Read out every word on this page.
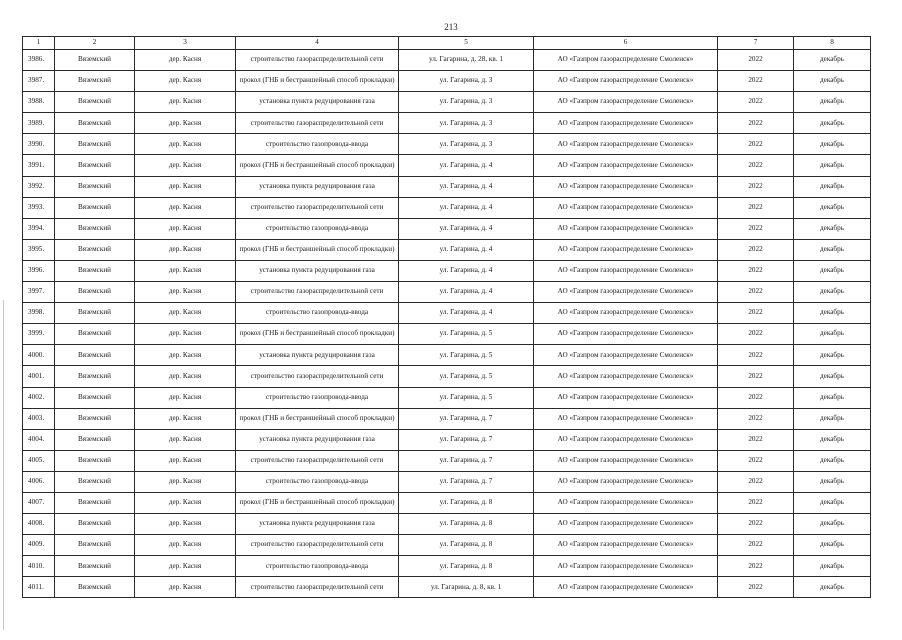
213
1	2	3	4	5	6	7	8
3986.	Вяземский	дер. Касня	строительство газораспределительной сети	ул. Гагарина, д. 28, кв. 1	АО «Газпром газораспределение Смоленск»	2022	декабрь
3987.	Вяземский	дер. Касня	прокол (ГНБ и бестраншейный способ прокладки)	ул. Гагарина, д. 3	АО «Газпром газораспределение Смоленск»	2022	декабрь
3988.	Вяземский	дер. Касня	установка пункта редуцирования газа	ул. Гагарина, д. 3	АО «Газпром газораспределение Смоленск»	2022	декабрь
3989.	Вяземский	дер. Касня	строительство газораспределительной сети	ул. Гагарина, д. 3	АО «Газпром газораспределение Смоленск»	2022	декабрь
3990.	Вяземский	дер. Касня	строительство газопровода-ввода	ул. Гагарина, д. 3	АО «Газпром газораспределение Смоленск»	2022	декабрь
3991.	Вяземский	дер. Касня	прокол (ГНБ и бестраншейный способ прокладки)	ул. Гагарина, д. 4	АО «Газпром газораспределение Смоленск»	2022	декабрь
3992.	Вяземский	дер. Касня	установка пункта редуцирования газа	ул. Гагарина, д. 4	АО «Газпром газораспределение Смоленск»	2022	декабрь
3993.	Вяземский	дер. Касня	строительство газораспределительной сети	ул. Гагарина, д. 4	АО «Газпром газораспределение Смоленск»	2022	декабрь
3994.	Вяземский	дер. Касня	строительство газопровода-ввода	ул. Гагарина, д. 4	АО «Газпром газораспределение Смоленск»	2022	декабрь
3995.	Вяземский	дер. Касня	прокол (ГНБ и бестраншейный способ прокладки)	ул. Гагарина, д. 4	АО «Газпром газораспределение Смоленск»	2022	декабрь
3996.	Вяземский	дер. Касня	установка пункта редуцирования газа	ул. Гагарина, д. 4	АО «Газпром газораспределение Смоленск»	2022	декабрь
3997.	Вяземский	дер. Касня	строительство газораспределительной сети	ул. Гагарина, д. 4	АО «Газпром газораспределение Смоленск»	2022	декабрь
3998.	Вяземский	дер. Касня	строительство газопровода-ввода	ул. Гагарина, д. 4	АО «Газпром газораспределение Смоленск»	2022	декабрь
3999.	Вяземский	дер. Касня	прокол (ГНБ и бестраншейный способ прокладки)	ул. Гагарина, д. 5	АО «Газпром газораспределение Смоленск»	2022	декабрь
4000.	Вяземский	дер. Касня	установка пункта редуцирования газа	ул. Гагарина, д. 5	АО «Газпром газораспределение Смоленск»	2022	декабрь
4001.	Вяземский	дер. Касня	строительство газораспределительной сети	ул. Гагарина, д. 5	АО «Газпром газораспределение Смоленск»	2022	декабрь
4002.	Вяземский	дер. Касня	строительство газопровода-ввода	ул. Гагарина, д. 5	АО «Газпром газораспределение Смоленск»	2022	декабрь
4003.	Вяземский	дер. Касня	прокол (ГНБ и бестраншейный способ прокладки)	ул. Гагарина, д. 7	АО «Газпром газораспределение Смоленск»	2022	декабрь
4004.	Вяземский	дер. Касня	установка пункта редуцирования газа	ул. Гагарина, д. 7	АО «Газпром газораспределение Смоленск»	2022	декабрь
4005.	Вяземский	дер. Касня	строительство газораспределительной сети	ул. Гагарина, д. 7	АО «Газпром газораспределение Смоленск»	2022	декабрь
4006.	Вяземский	дер. Касня	строительство газопровода-ввода	ул. Гагарина, д. 7	АО «Газпром газораспределение Смоленск»	2022	декабрь
4007.	Вяземский	дер. Касня	прокол (ГНБ и бестраншейный способ прокладки)	ул. Гагарина, д. 8	АО «Газпром газораспределение Смоленск»	2022	декабрь
4008.	Вяземский	дер. Касня	установка пункта редуцирования газа	ул. Гагарина, д. 8	АО «Газпром газораспределение Смоленск»	2022	декабрь
4009.	Вяземский	дер. Касня	строительство газораспределительной сети	ул. Гагарина, д. 8	АО «Газпром газораспределение Смоленск»	2022	декабрь
4010.	Вяземский	дер. Касня	строительство газопровода-ввода	ул. Гагарина, д. 8	АО «Газпром газораспределение Смоленск»	2022	декабрь
4011.	Вяземский	дер. Касня	строительство газораспределительной сети	ул. Гагарина, д. 8, кв. 1	АО «Газпром газораспределение Смоленск»	2022	декабрь
